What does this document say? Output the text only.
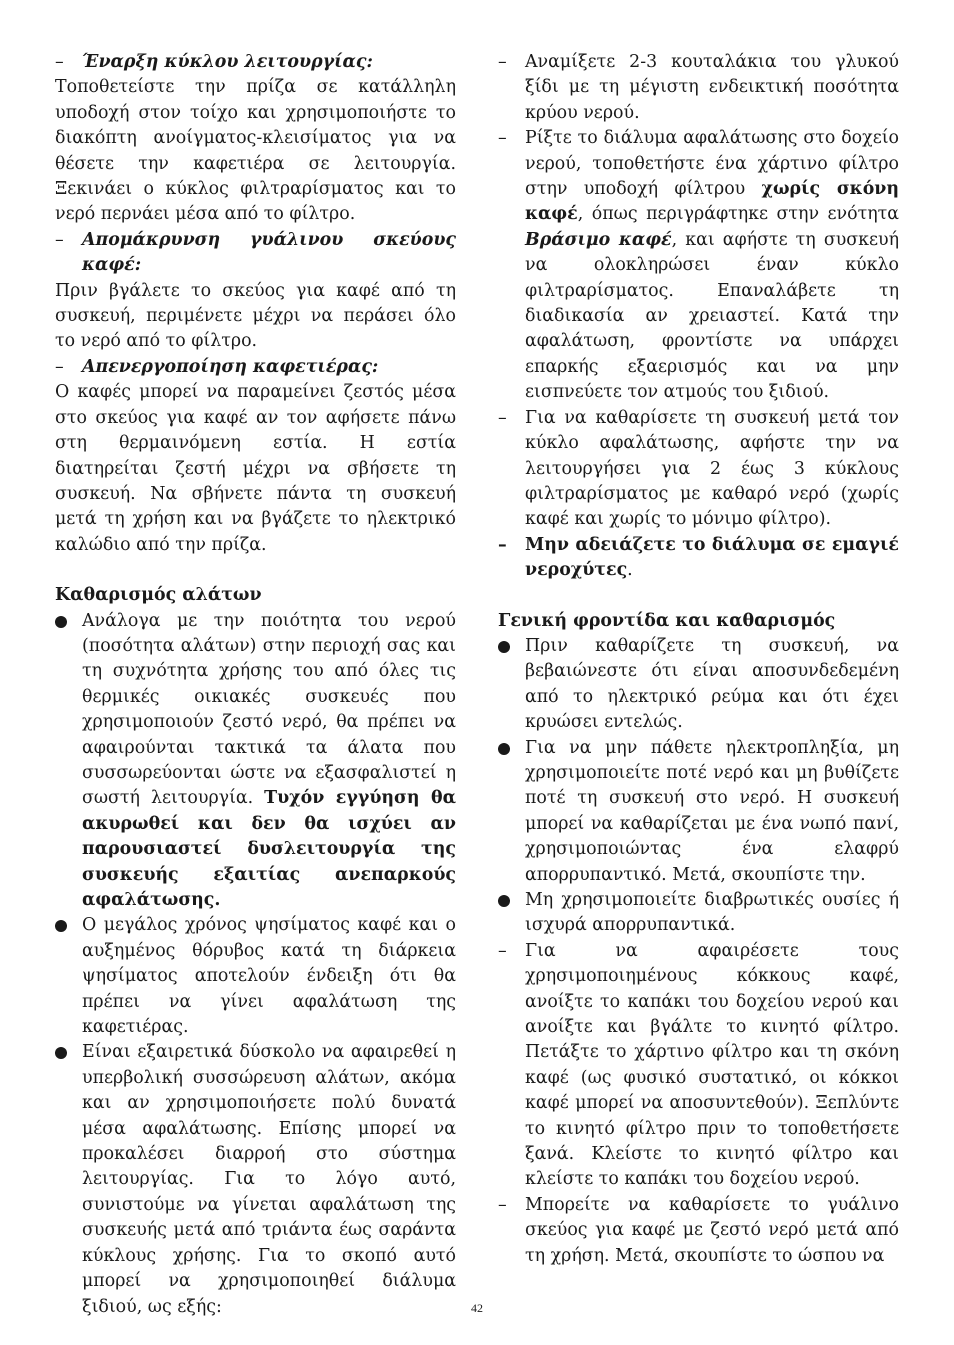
– Έναρξη κύκλου λειτουργίας:

Τοποθετείστε την πρίζα σε κατάλληλη υποδοχή στον τοίχο και χρησιμοποιήστε το διακόπτη ανοίγματος-κλεισίματος για να θέσετε την καφετιέρα σε λειτουργία. Ξεκινάει ο κύκλος φιλτραρίσματος και το νερό περνάει μέσα από το φίλτρο.

– Απομάκρυνση γυάλινου σκεύους καφέ:

Πριν βγάλετε το σκεύος για καφέ από τη συσκευή, περιμένετε μέχρι να περάσει όλο το νερό από το φίλτρο.

– Απενεργοποίηση καφετιέρας:

Ο καφές μπορεί να παραμείνει ζεστός μέσα στο σκεύος για καφέ αν τον αφήσετε πάνω στη θερμαινόμενη εστία. Η εστία διατηρείται ζεστή μέχρι να σβήσετε τη συσκευή. Να σβήνετε πάντα τη συσκευή μετά τη χρήση και να βγάζετε το ηλεκτρικό καλώδιο από την πρίζα.

Καθαρισμός αλάτων

Ανάλογα με την ποιότητα του νερού (ποσότητα αλάτων) στην περιοχή σας και τη συχνότητα χρήσης του από όλες τις θερμικές οικιακές συσκευές που χρησιμοποιούν ζεστό νερό, θα πρέπει να αφαιρούνται τακτικά τα άλατα που συσσωρεύονται ώστε να εξασφαλιστεί η σωστή λειτουργία. Τυχόν εγγύηση θα ακυρωθεί και δεν θα ισχύει αν παρουσιαστεί δυσλειτουργία της συσκευής εξαιτίας ανεπαρκούς αφαλάτωσης.
Ο μεγάλος χρόνος ψησίματος καφέ και ο αυξημένος θόρυβος κατά τη διάρκεια ψησίματος αποτελούν ένδειξη ότι θα πρέπει να γίνει αφαλάτωση της καφετιέρας.
Είναι εξαιρετικά δύσκολο να αφαιρεθεί η υπερβολική συσσώρευση αλάτων, ακόμα και αν χρησιμοποιήσετε πολύ δυνατά μέσα αφαλάτωσης. Επίσης μπορεί να προκαλέσει διαρροή στο σύστημα λειτουργίας. Για το λόγο αυτό, συνιστούμε να γίνεται αφαλάτωση της συσκευής μετά από τριάντα έως σαράντα κύκλους χρήσης. Για το σκοπό αυτό μπορεί να χρησιμοποιηθεί διάλυμα ξιδιού, ως εξής:
– Αναμίξετε 2-3 κουταλάκια του γλυκού ξίδι με τη μέγιστη ενδεικτική ποσότητα κρύου νερού.
– Ρίξτε το διάλυμα αφαλάτωσης στο δοχείο νερού, τοποθετήστε ένα χάρτινο φίλτρο στην υποδοχή φίλτρου χωρίς σκόνη καφέ, όπως περιγράφτηκε στην ενότητα Βράσιμο καφέ, και αφήστε τη συσκευή να ολοκληρώσει έναν κύκλο φιλτραρίσματος. Επαναλάβετε τη διαδικασία αν χρειαστεί. Κατά την αφαλάτωση, φροντίστε να υπάρχει επαρκής εξαερισμός και να μην εισπνεύετε τον ατμούς του ξιδιού.
– Για να καθαρίσετε τη συσκευή μετά τον κύκλο αφαλάτωσης, αφήστε την να λειτουργήσει για 2 έως 3 κύκλους φιλτραρίσματος με καθαρό νερό (χωρίς καφέ και χωρίς το μόνιμο φίλτρο).
– Μην αδειάζετε το διάλυμα σε εμαγιέ νεροχύτες.

Γενική φροντίδα και καθαρισμός

Πριν καθαρίζετε τη συσκευή, να βεβαιώνεστε ότι είναι αποσυνδεδεμένη από το ηλεκτρικό ρεύμα και ότι έχει κρυώσει εντελώς.
Για να μην πάθετε ηλεκτροπληξία, μη χρησιμοποιείτε ποτέ νερό και μη βυθίζετε ποτέ τη συσκευή στο νερό. Η συσκευή μπορεί να καθαρίζεται με ένα νωπό πανί, χρησιμοποιώντας ένα ελαφρύ απορρυπαντικό. Μετά, σκουπίστε την.
Μη χρησιμοποιείτε διαβρωτικές ουσίες ή ισχυρά απορρυπαντικά.
– Για να αφαιρέσετε τους χρησιμοποιημένους κόκκους καφέ, ανοίξτε το καπάκι του δοχείου νερού και ανοίξτε και βγάλτε το κινητό φίλτρο. Πετάξτε το χάρτινο φίλτρο και τη σκόνη καφέ (ως φυσικό συστατικό, οι κόκκοι καφέ μπορεί να αποσυντεθούν). Ξεπλύντε το κινητό φίλτρο πριν το τοποθετήσετε ξανά. Κλείστε το κινητό φίλτρο και κλείστε το καπάκι του δοχείου νερού.
– Μπορείτε να καθαρίσετε το γυάλινο σκεύος για καφέ με ζεστό νερό μετά από τη χρήση. Μετά, σκουπίστε το ώσπου να
42
